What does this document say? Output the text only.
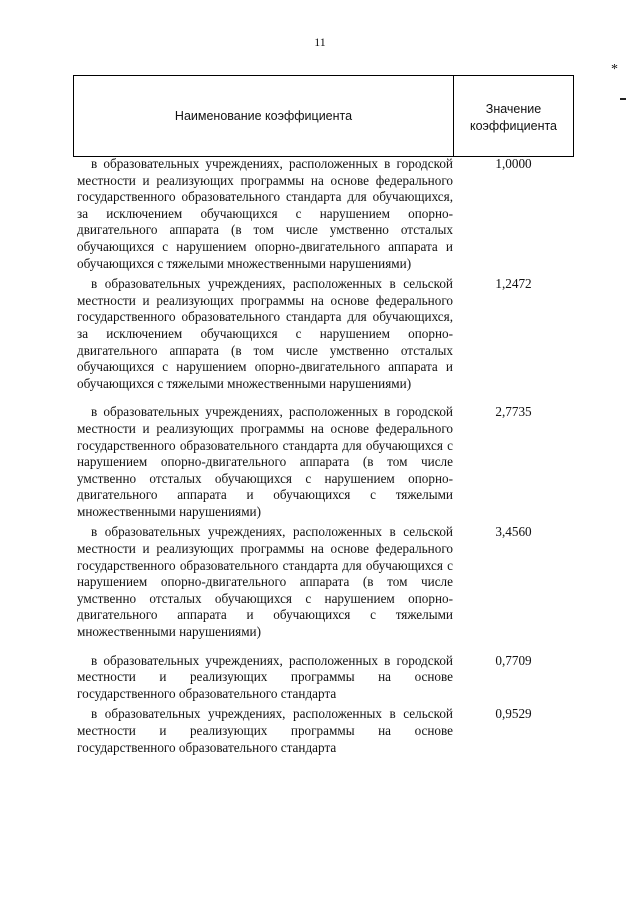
11
*
Наименование коэффициента	Значение
коэффициента
в образовательных учреждениях, расположенных в городской местности и реализующих программы на основе федерального государственного образовательного стандарта для обучающихся, за исключением обучающихся с нарушением опорно-двигательного аппарата (в том числе умственно отсталых обучающихся с нарушением опорно-двигательного аппарата и обучающихся с тяжелыми множественными нарушениями)
1,0000
в образовательных учреждениях, расположенных в сельской местности и реализующих программы на основе федерального государственного образовательного стандарта для обучающихся, за исключением обучающихся с нарушением опорно-двигательного аппарата (в том числе умственно отсталых обучающихся с нарушением опорно-двигательного аппарата и обучающихся с тяжелыми множественными нарушениями)
1,2472
в образовательных учреждениях, расположенных в городской местности и реализующих программы на основе федерального государственного образовательного стандарта для обучающихся с нарушением опорно-двигательного аппарата (в том числе умственно отсталых обучающихся с нарушением опорно-двигательного аппарата и обучающихся с тяжелыми множественными нарушениями)
2,7735
в образовательных учреждениях, расположенных в сельской местности и реализующих программы на основе федерального государственного образовательного стандарта для обучающихся с нарушением опорно-двигательного аппарата (в том числе умственно отсталых обучающихся с нарушением опорно-двигательного аппарата и обучающихся с тяжелыми множественными нарушениями)
3,4560
в образовательных учреждениях, расположенных в городской местности и реализующих программы на основе государственного образовательного стандарта
0,7709
в образовательных учреждениях, расположенных в сельской местности и реализующих программы на основе государственного образовательного стандарта
0,9529
